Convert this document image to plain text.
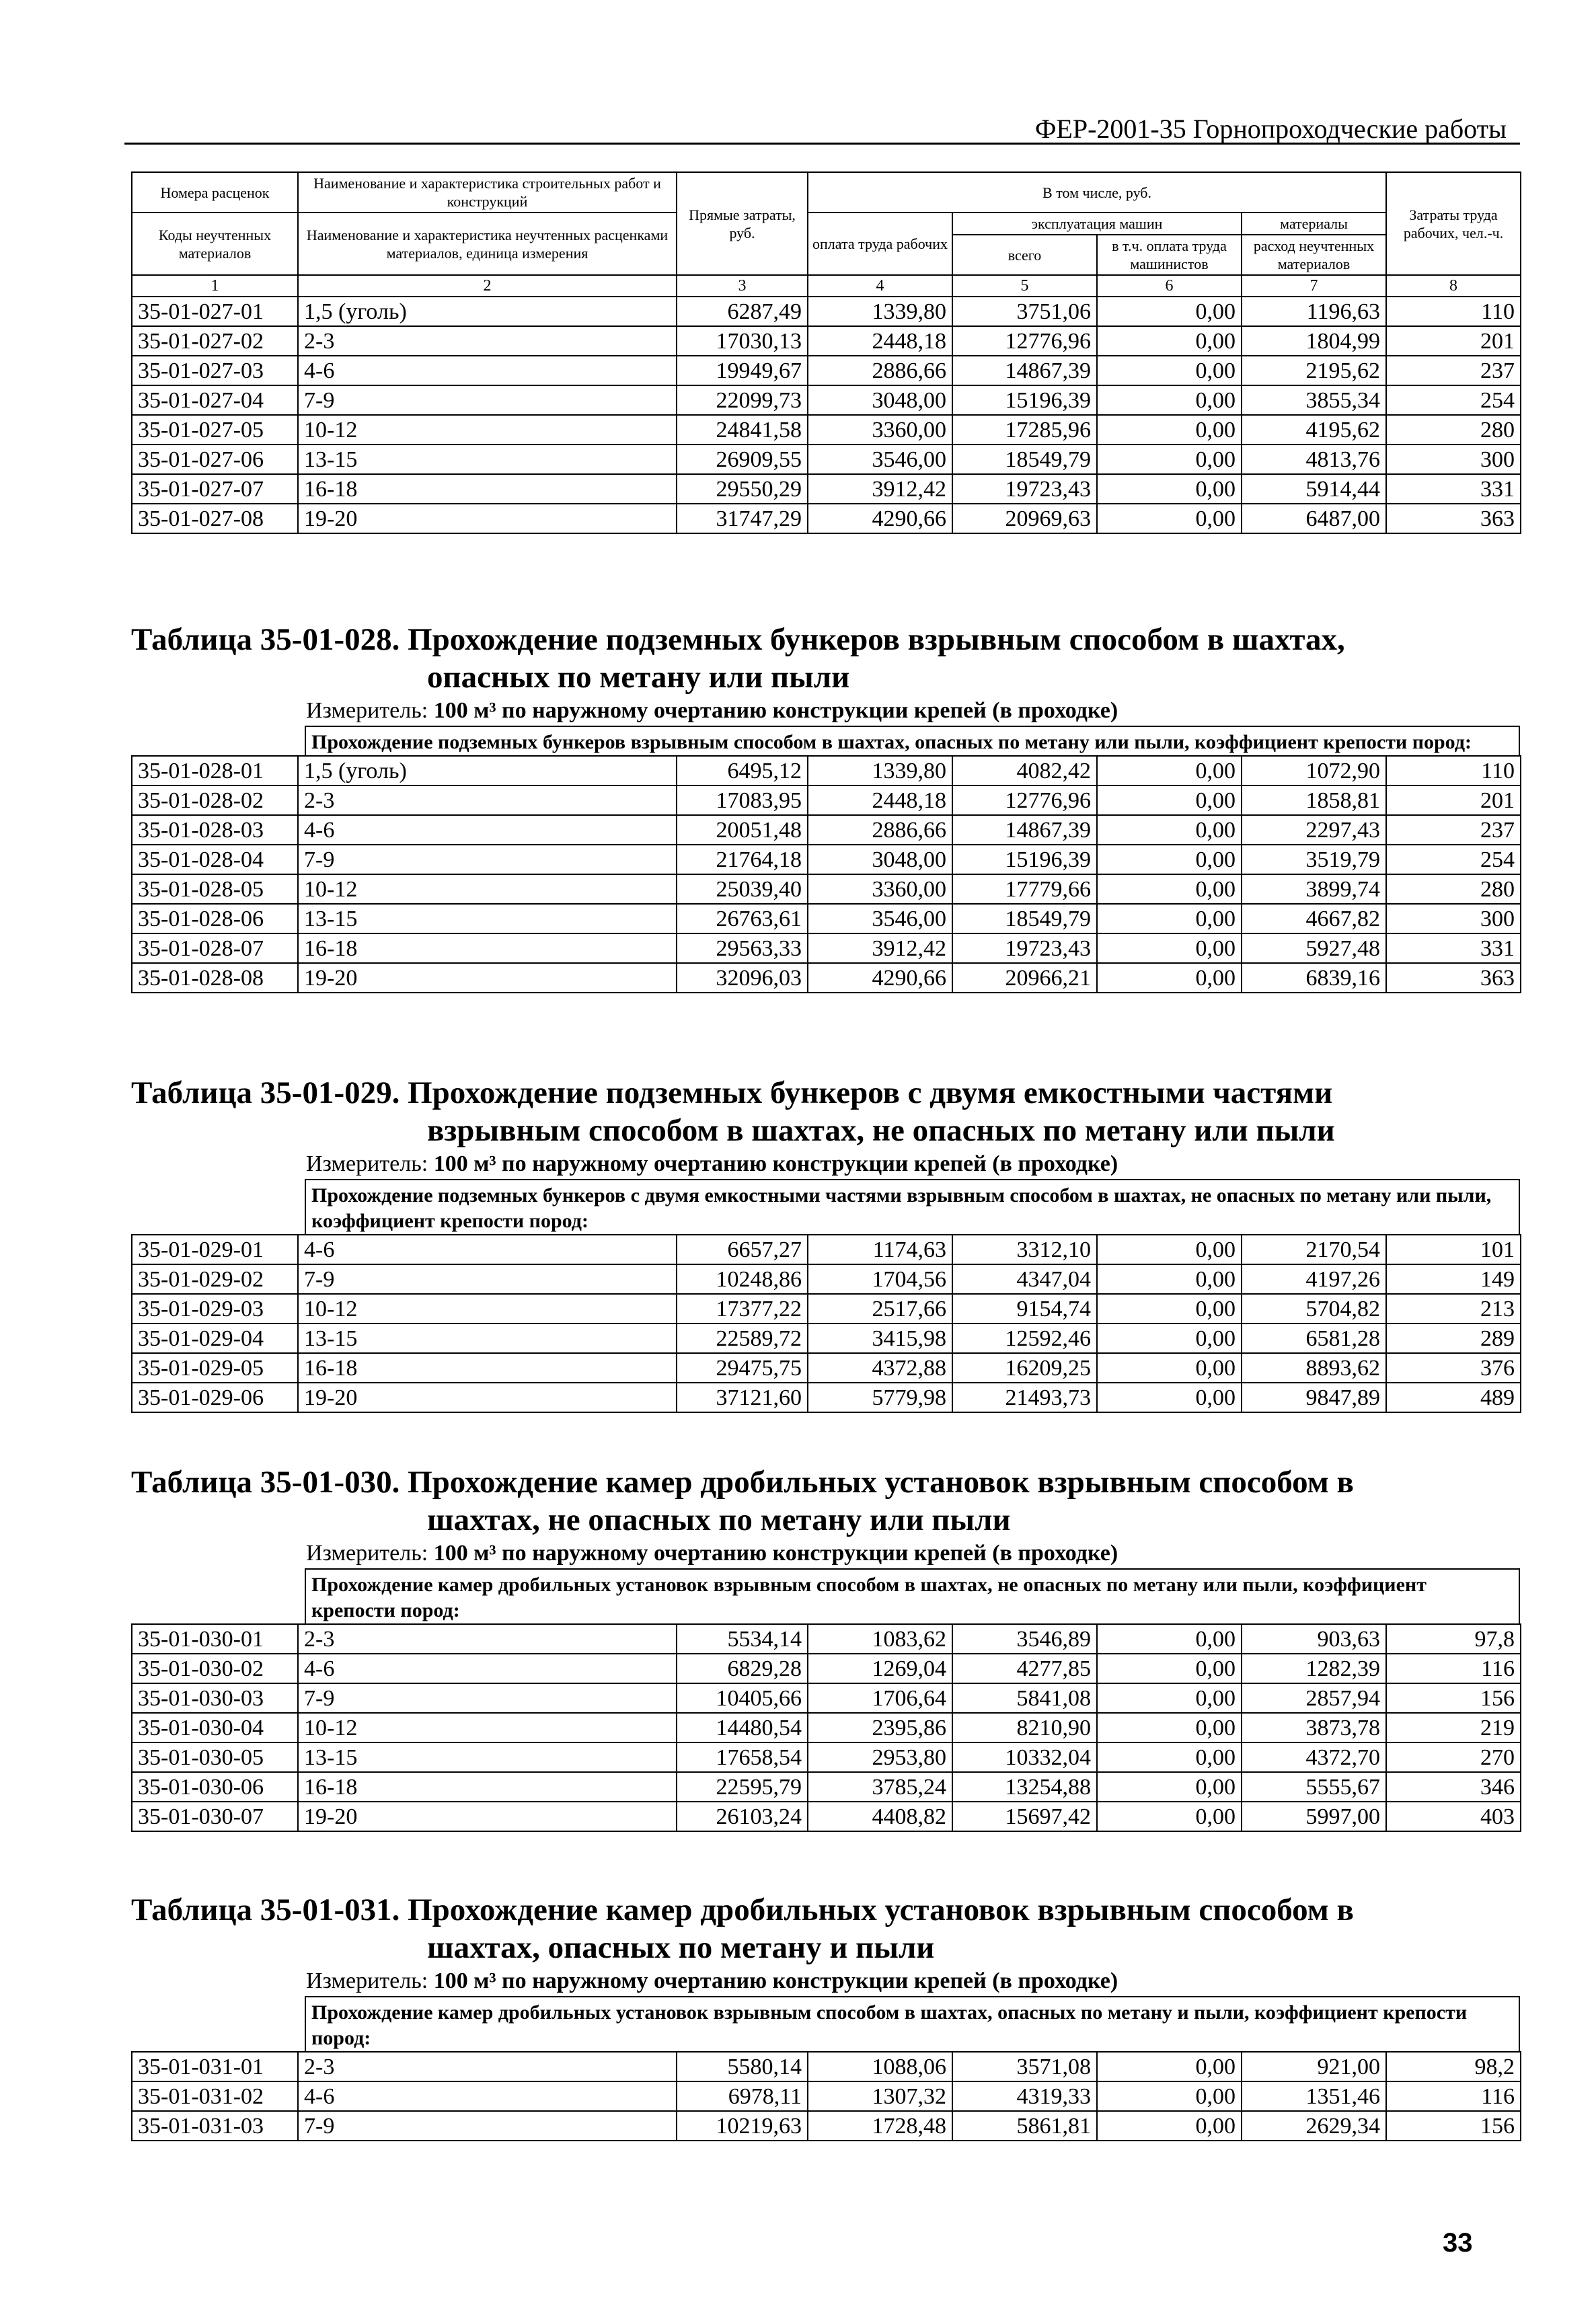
ФЕР-2001-35 Горнопроходческие работы
Номера расценок	Наименование и характеристика строительных работ и конструкций	Прямые затраты, руб.	В том числе, руб.				Затраты труда рабочих, чел.-ч.
Коды неучтенных материалов	Наименование и характеристика неучтенных расценками материалов, единица измерения		оплата труда рабочих	эксплуатация машин		материалы	
				всего	в т.ч. оплата труда машинистов	расход неучтенных материалов	
1	2	3	4	5	6	7	8
35-01-027-01	1,5 (уголь)	6287,49	1339,80	3751,06	0,00	1196,63	110
35-01-027-02	2-3	17030,13	2448,18	12776,96	0,00	1804,99	201
35-01-027-03	4-6	19949,67	2886,66	14867,39	0,00	2195,62	237
35-01-027-04	7-9	22099,73	3048,00	15196,39	0,00	3855,34	254
35-01-027-05	10-12	24841,58	3360,00	17285,96	0,00	4195,62	280
35-01-027-06	13-15	26909,55	3546,00	18549,79	0,00	4813,76	300
35-01-027-07	16-18	29550,29	3912,42	19723,43	0,00	5914,44	331
35-01-027-08	19-20	31747,29	4290,66	20969,63	0,00	6487,00	363
Таблица 35-01-028. Прохождение подземных бункеров взрывным способом в шахтах,
опасных по метану или пыли
Измеритель: 100 м³ по наружному очертанию конструкции крепей (в проходке)
Прохождение подземных бункеров взрывным способом в шахтах, опасных по метану или пыли, коэффициент крепости пород:
35-01-028-01	1,5 (уголь)	6495,12	1339,80	4082,42	0,00	1072,90	110
35-01-028-02	2-3	17083,95	2448,18	12776,96	0,00	1858,81	201
35-01-028-03	4-6	20051,48	2886,66	14867,39	0,00	2297,43	237
35-01-028-04	7-9	21764,18	3048,00	15196,39	0,00	3519,79	254
35-01-028-05	10-12	25039,40	3360,00	17779,66	0,00	3899,74	280
35-01-028-06	13-15	26763,61	3546,00	18549,79	0,00	4667,82	300
35-01-028-07	16-18	29563,33	3912,42	19723,43	0,00	5927,48	331
35-01-028-08	19-20	32096,03	4290,66	20966,21	0,00	6839,16	363
Таблица 35-01-029. Прохождение подземных бункеров с двумя емкостными частями
взрывным способом в шахтах, не опасных по метану или пыли
Измеритель: 100 м³ по наружному очертанию конструкции крепей (в проходке)
Прохождение подземных бункеров с двумя емкостными частями взрывным способом в шахтах, не опасных по метану или пыли, коэффициент крепости пород:
35-01-029-01	4-6	6657,27	1174,63	3312,10	0,00	2170,54	101
35-01-029-02	7-9	10248,86	1704,56	4347,04	0,00	4197,26	149
35-01-029-03	10-12	17377,22	2517,66	9154,74	0,00	5704,82	213
35-01-029-04	13-15	22589,72	3415,98	12592,46	0,00	6581,28	289
35-01-029-05	16-18	29475,75	4372,88	16209,25	0,00	8893,62	376
35-01-029-06	19-20	37121,60	5779,98	21493,73	0,00	9847,89	489
Таблица 35-01-030. Прохождение камер дробильных установок взрывным способом в
шахтах, не опасных по метану или пыли
Измеритель: 100 м³ по наружному очертанию конструкции крепей (в проходке)
Прохождение камер дробильных установок взрывным способом в шахтах, не опасных по метану или пыли, коэффициент крепости пород:
35-01-030-01	2-3	5534,14	1083,62	3546,89	0,00	903,63	97,8
35-01-030-02	4-6	6829,28	1269,04	4277,85	0,00	1282,39	116
35-01-030-03	7-9	10405,66	1706,64	5841,08	0,00	2857,94	156
35-01-030-04	10-12	14480,54	2395,86	8210,90	0,00	3873,78	219
35-01-030-05	13-15	17658,54	2953,80	10332,04	0,00	4372,70	270
35-01-030-06	16-18	22595,79	3785,24	13254,88	0,00	5555,67	346
35-01-030-07	19-20	26103,24	4408,82	15697,42	0,00	5997,00	403
Таблица 35-01-031. Прохождение камер дробильных установок взрывным способом в
шахтах, опасных по метану и пыли
Измеритель: 100 м³ по наружному очертанию конструкции крепей (в проходке)
Прохождение камер дробильных установок взрывным способом в шахтах, опасных по метану и пыли, коэффициент крепости пород:
35-01-031-01	2-3	5580,14	1088,06	3571,08	0,00	921,00	98,2
35-01-031-02	4-6	6978,11	1307,32	4319,33	0,00	1351,46	116
35-01-031-03	7-9	10219,63	1728,48	5861,81	0,00	2629,34	156
33
